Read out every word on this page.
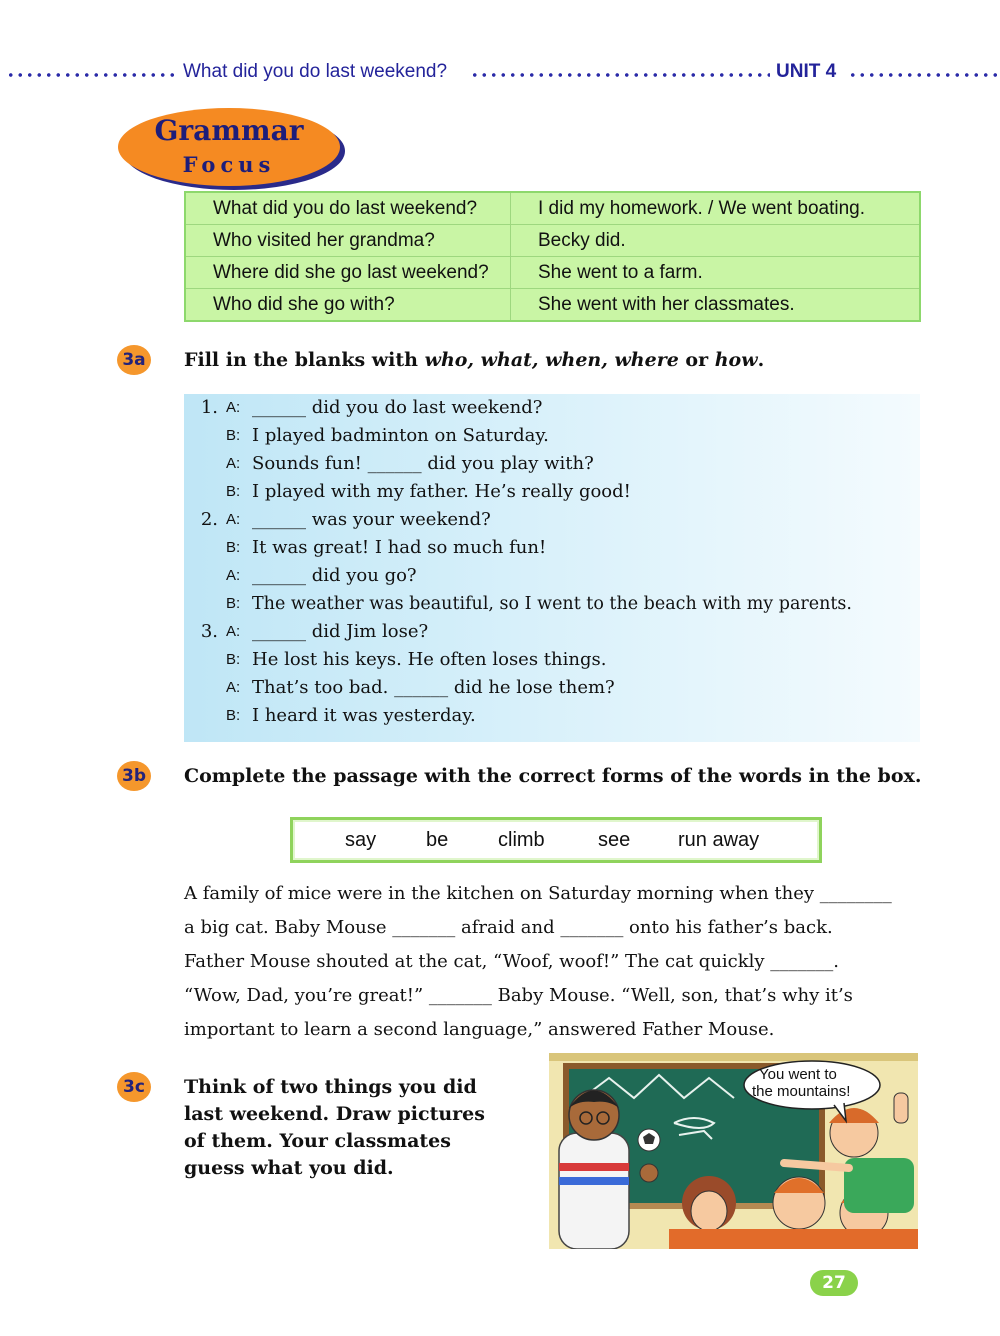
What did you do last weekend?	UNIT 4
Grammar
Focus
What did you do last weekend?	I did my homework. / We went boating.
Who visited her grandma?	Becky did.
Where did she go last weekend?	She went to a farm.
Who did she go with?	She went with her classmates.
3a Fill in the blanks with who, what, when, where or how.
1. A: ______ did you do last weekend?
B: I played badminton on Saturday.
A: Sounds fun! ______ did you play with?
B: I played with my father. He’s really good!
2. A: ______ was your weekend?
B: It was great! I had so much fun!
A: ______ did you go?
B: The weather was beautiful, so I went to the beach with my parents.
3. A: ______ did Jim lose?
B: He lost his keys. He often loses things.
A: That’s too bad. ______ did he lose them?
B: I heard it was yesterday.
3b Complete the passage with the correct forms of the words in the box.
say be climb	see run away
A family of mice were in the kitchen on Saturday morning when they ________
a big cat. Baby Mouse _______ afraid and _______ onto his father’s back.
Father Mouse shouted at the cat, “Woof, woof!” The cat quickly _______.
“Wow, Dad, you’re great!” _______ Baby Mouse. “Well, son, that’s why it’s
important to learn a second language,” answered Father Mouse.
3c	Think of two things you did
last weekend. Draw pictures
of them. Your classmates
guess what you did.
You went to
the mountains!
27
